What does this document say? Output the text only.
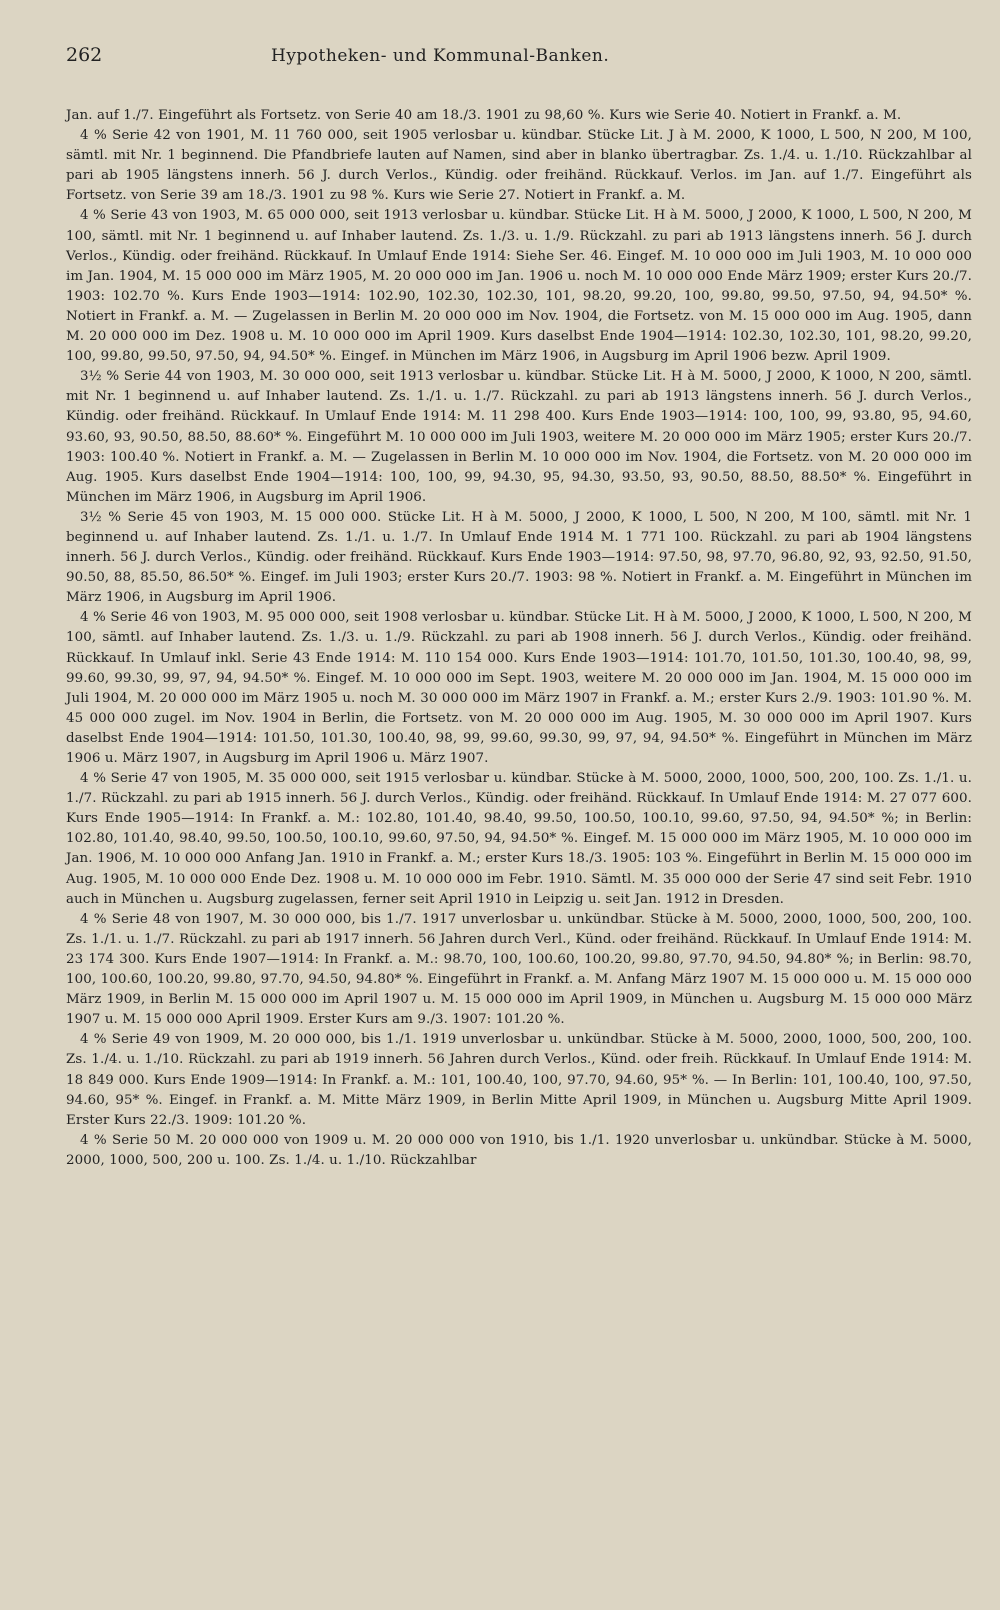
262	Hypotheken- und Kommunal-Banken.

Jan. auf 1./7. Eingeführt als Fortsetz. von Serie 40 am 18./3. 1901 zu 98,60 %. Kurs wie Serie 40. Notiert in Frankf. a. M.

4 % Serie 42 von 1901, M. 11 760 000, seit 1905 verlosbar u. kündbar. Stücke Lit. J à M. 2000, K 1000, L 500, N 200, M 100, sämtl. mit Nr. 1 beginnend. Die Pfandbriefe lauten auf Namen, sind aber in blanko übertragbar. Zs. 1./4. u. 1./10. Rückzahlbar al pari ab 1905 längstens innerh. 56 J. durch Verlos., Kündig. oder freihänd. Rückkauf. Verlos. im Jan. auf 1./7. Eingeführt als Fortsetz. von Serie 39 am 18./3. 1901 zu 98 %. Kurs wie Serie 27. Notiert in Frankf. a. M.

4 % Serie 43 von 1903, M. 65 000 000, seit 1913 verlosbar u. kündbar. Stücke Lit. H à M. 5000, J 2000, K 1000, L 500, N 200, M 100, sämtl. mit Nr. 1 beginnend u. auf Inhaber lautend. Zs. 1./3. u. 1./9. Rückzahl. zu pari ab 1913 längstens innerh. 56 J. durch Verlos., Kündig. oder freihänd. Rückkauf. In Umlauf Ende 1914: Siehe Ser. 46. Eingef. M. 10 000 000 im Juli 1903, M. 10 000 000 im Jan. 1904, M. 15 000 000 im März 1905, M. 20 000 000 im Jan. 1906 u. noch M. 10 000 000 Ende März 1909; erster Kurs 20./7. 1903: 102.70 %. Kurs Ende 1903—1914: 102.90, 102.30, 102.30, 101, 98.20, 99.20, 100, 99.80, 99.50, 97.50, 94, 94.50* %. Notiert in Frankf. a. M. — Zugelassen in Berlin M. 20 000 000 im Nov. 1904, die Fortsetz. von M. 15 000 000 im Aug. 1905, dann M. 20 000 000 im Dez. 1908 u. M. 10 000 000 im April 1909. Kurs daselbst Ende 1904—1914: 102.30, 102.30, 101, 98.20, 99.20, 100, 99.80, 99.50, 97.50, 94, 94.50* %. Eingef. in München im März 1906, in Augsburg im April 1906 bezw. April 1909.

3½ % Serie 44 von 1903, M. 30 000 000, seit 1913 verlosbar u. kündbar. Stücke Lit. H à M. 5000, J 2000, K 1000, N 200, sämtl. mit Nr. 1 beginnend u. auf Inhaber lautend. Zs. 1./1. u. 1./7. Rückzahl. zu pari ab 1913 längstens innerh. 56 J. durch Verlos., Kündig. oder freihänd. Rückkauf. In Umlauf Ende 1914: M. 11 298 400. Kurs Ende 1903—1914: 100, 100, 99, 93.80, 95, 94.60, 93.60, 93, 90.50, 88.50, 88.60* %. Eingeführt M. 10 000 000 im Juli 1903, weitere M. 20 000 000 im März 1905; erster Kurs 20./7. 1903: 100.40 %. Notiert in Frankf. a. M. — Zugelassen in Berlin M. 10 000 000 im Nov. 1904, die Fortsetz. von M. 20 000 000 im Aug. 1905. Kurs daselbst Ende 1904—1914: 100, 100, 99, 94.30, 95, 94.30, 93.50, 93, 90.50, 88.50, 88.50* %. Eingeführt in München im März 1906, in Augsburg im April 1906.

3½ % Serie 45 von 1903, M. 15 000 000. Stücke Lit. H à M. 5000, J 2000, K 1000, L 500, N 200, M 100, sämtl. mit Nr. 1 beginnend u. auf Inhaber lautend. Zs. 1./1. u. 1./7. In Umlauf Ende 1914 M. 1 771 100. Rückzahl. zu pari ab 1904 längstens innerh. 56 J. durch Verlos., Kündig. oder freihänd. Rückkauf. Kurs Ende 1903—1914: 97.50, 98, 97.70, 96.80, 92, 93, 92.50, 91.50, 90.50, 88, 85.50, 86.50* %. Eingef. im Juli 1903; erster Kurs 20./7. 1903: 98 %. Notiert in Frankf. a. M. Eingeführt in München im März 1906, in Augsburg im April 1906.

4 % Serie 46 von 1903, M. 95 000 000, seit 1908 verlosbar u. kündbar. Stücke Lit. H à M. 5000, J 2000, K 1000, L 500, N 200, M 100, sämtl. auf Inhaber lautend. Zs. 1./3. u. 1./9. Rückzahl. zu pari ab 1908 innerh. 56 J. durch Verlos., Kündig. oder freihänd. Rückkauf. In Umlauf inkl. Serie 43 Ende 1914: M. 110 154 000. Kurs Ende 1903—1914: 101.70, 101.50, 101.30, 100.40, 98, 99, 99.60, 99.30, 99, 97, 94, 94.50* %. Eingef. M. 10 000 000 im Sept. 1903, weitere M. 20 000 000 im Jan. 1904, M. 15 000 000 im Juli 1904, M. 20 000 000 im März 1905 u. noch M. 30 000 000 im März 1907 in Frankf. a. M.; erster Kurs 2./9. 1903: 101.90 %. M. 45 000 000 zugel. im Nov. 1904 in Berlin, die Fortsetz. von M. 20 000 000 im Aug. 1905, M. 30 000 000 im April 1907. Kurs daselbst Ende 1904—1914: 101.50, 101.30, 100.40, 98, 99, 99.60, 99.30, 99, 97, 94, 94.50* %. Eingeführt in München im März 1906 u. März 1907, in Augsburg im April 1906 u. März 1907.

4 % Serie 47 von 1905, M. 35 000 000, seit 1915 verlosbar u. kündbar. Stücke à M. 5000, 2000, 1000, 500, 200, 100. Zs. 1./1. u. 1./7. Rückzahl. zu pari ab 1915 innerh. 56 J. durch Verlos., Kündig. oder freihänd. Rückkauf. In Umlauf Ende 1914: M. 27 077 600. Kurs Ende 1905—1914: In Frankf. a. M.: 102.80, 101.40, 98.40, 99.50, 100.50, 100.10, 99.60, 97.50, 94, 94.50* %; in Berlin: 102.80, 101.40, 98.40, 99.50, 100.50, 100.10, 99.60, 97.50, 94, 94.50* %. Eingef. M. 15 000 000 im März 1905, M. 10 000 000 im Jan. 1906, M. 10 000 000 Anfang Jan. 1910 in Frankf. a. M.; erster Kurs 18./3. 1905: 103 %. Eingeführt in Berlin M. 15 000 000 im Aug. 1905, M. 10 000 000 Ende Dez. 1908 u. M. 10 000 000 im Febr. 1910. Sämtl. M. 35 000 000 der Serie 47 sind seit Febr. 1910 auch in München u. Augsburg zugelassen, ferner seit April 1910 in Leipzig u. seit Jan. 1912 in Dresden.

4 % Serie 48 von 1907, M. 30 000 000, bis 1./7. 1917 unverlosbar u. unkündbar. Stücke à M. 5000, 2000, 1000, 500, 200, 100. Zs. 1./1. u. 1./7. Rückzahl. zu pari ab 1917 innerh. 56 Jahren durch Verl., Künd. oder freihänd. Rückkauf. In Umlauf Ende 1914: M. 23 174 300. Kurs Ende 1907—1914: In Frankf. a. M.: 98.70, 100, 100.60, 100.20, 99.80, 97.70, 94.50, 94.80* %; in Berlin: 98.70, 100, 100.60, 100.20, 99.80, 97.70, 94.50, 94.80* %. Eingeführt in Frankf. a. M. Anfang März 1907 M. 15 000 000 u. M. 15 000 000 März 1909, in Berlin M. 15 000 000 im April 1907 u. M. 15 000 000 im April 1909, in München u. Augsburg M. 15 000 000 März 1907 u. M. 15 000 000 April 1909. Erster Kurs am 9./3. 1907: 101.20 %.

4 % Serie 49 von 1909, M. 20 000 000, bis 1./1. 1919 unverlosbar u. unkündbar. Stücke à M. 5000, 2000, 1000, 500, 200, 100. Zs. 1./4. u. 1./10. Rückzahl. zu pari ab 1919 innerh. 56 Jahren durch Verlos., Künd. oder freih. Rückkauf. In Umlauf Ende 1914: M. 18 849 000. Kurs Ende 1909—1914: In Frankf. a. M.: 101, 100.40, 100, 97.70, 94.60, 95* %. — In Berlin: 101, 100.40, 100, 97.50, 94.60, 95* %. Eingef. in Frankf. a. M. Mitte März 1909, in Berlin Mitte April 1909, in München u. Augsburg Mitte April 1909. Erster Kurs 22./3. 1909: 101.20 %.

4 % Serie 50 M. 20 000 000 von 1909 u. M. 20 000 000 von 1910, bis 1./1. 1920 unverlosbar u. unkündbar. Stücke à M. 5000, 2000, 1000, 500, 200 u. 100. Zs. 1./4. u. 1./10. Rückzahlbar
